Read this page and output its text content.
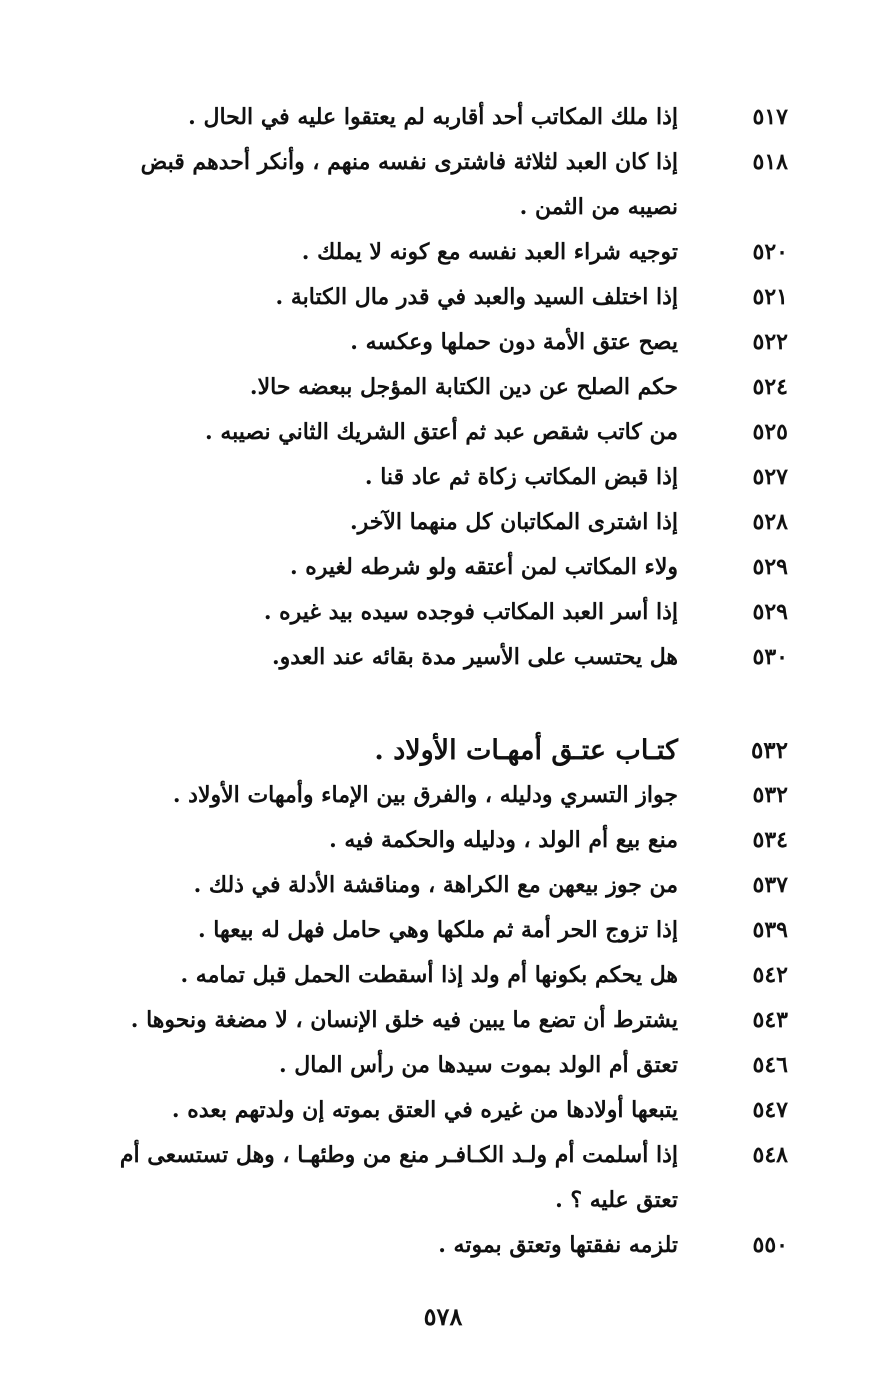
٥١٧
إذا ملك المكاتب أحد أقاربه لم يعتقوا عليه في الحال .
٥١٨
إذا كان العبد لثلاثة فاشترى نفسه منهم ، وأنكر أحدهم قبض نصيبه من الثمن .
٥٢٠
توجيه شراء العبد نفسه مع كونه لا يملك .
٥٢١
إذا اختلف السيد والعبد في قدر مال الكتابة .
٥٢٢
يصح عتق الأمة دون حملها وعكسه .
٥٢٤
حكم الصلح عن دين الكتابة المؤجل ببعضه حالا.
٥٢٥
من كاتب شقص عبد ثم أعتق الشريك الثاني نصيبه .
٥٢٧
إذا قبض المكاتب زكاة ثم عاد قنا .
٥٢٨
إذا اشترى المكاتبان كل منهما الآخر.
٥٢٩
ولاء المكاتب لمن أعتقه ولو شرطه لغيره .
٥٢٩
إذا أسر العبد المكاتب فوجده سيده بيد غيره .
٥٣٠
هل يحتسب على الأسير مدة بقائه عند العدو.
٥٣٢
كتـاب عتـق أمهـات الأولاد .
٥٣٢
جواز التسري ودليله ، والفرق بين الإماء وأمهات الأولاد .
٥٣٤
منع بيع أم الولد ، ودليله والحكمة فيه .
٥٣٧
من جوز بيعهن مع الكراهة ، ومناقشة الأدلة في ذلك .
٥٣٩
إذا تزوج الحر أمة ثم ملكها وهي حامل فهل له بيعها .
٥٤٢
هل يحكم بكونها أم ولد إذا أسقطت الحمل قبل تمامه .
٥٤٣
يشترط أن تضع ما يبين فيه خلق الإنسان ، لا مضغة ونحوها .
٥٤٦
تعتق أم الولد بموت سيدها من رأس المال .
٥٤٧
يتبعها أولادها من غيره في العتق بموته إن ولدتهم بعده .
٥٤٨
إذا أسلمت أم ولـد الكـافـر منع من وطئهـا ، وهل تستسعى أم تعتق عليه ؟ .
٥٥٠
تلزمه نفقتها وتعتق بموته .
٥٧٨
